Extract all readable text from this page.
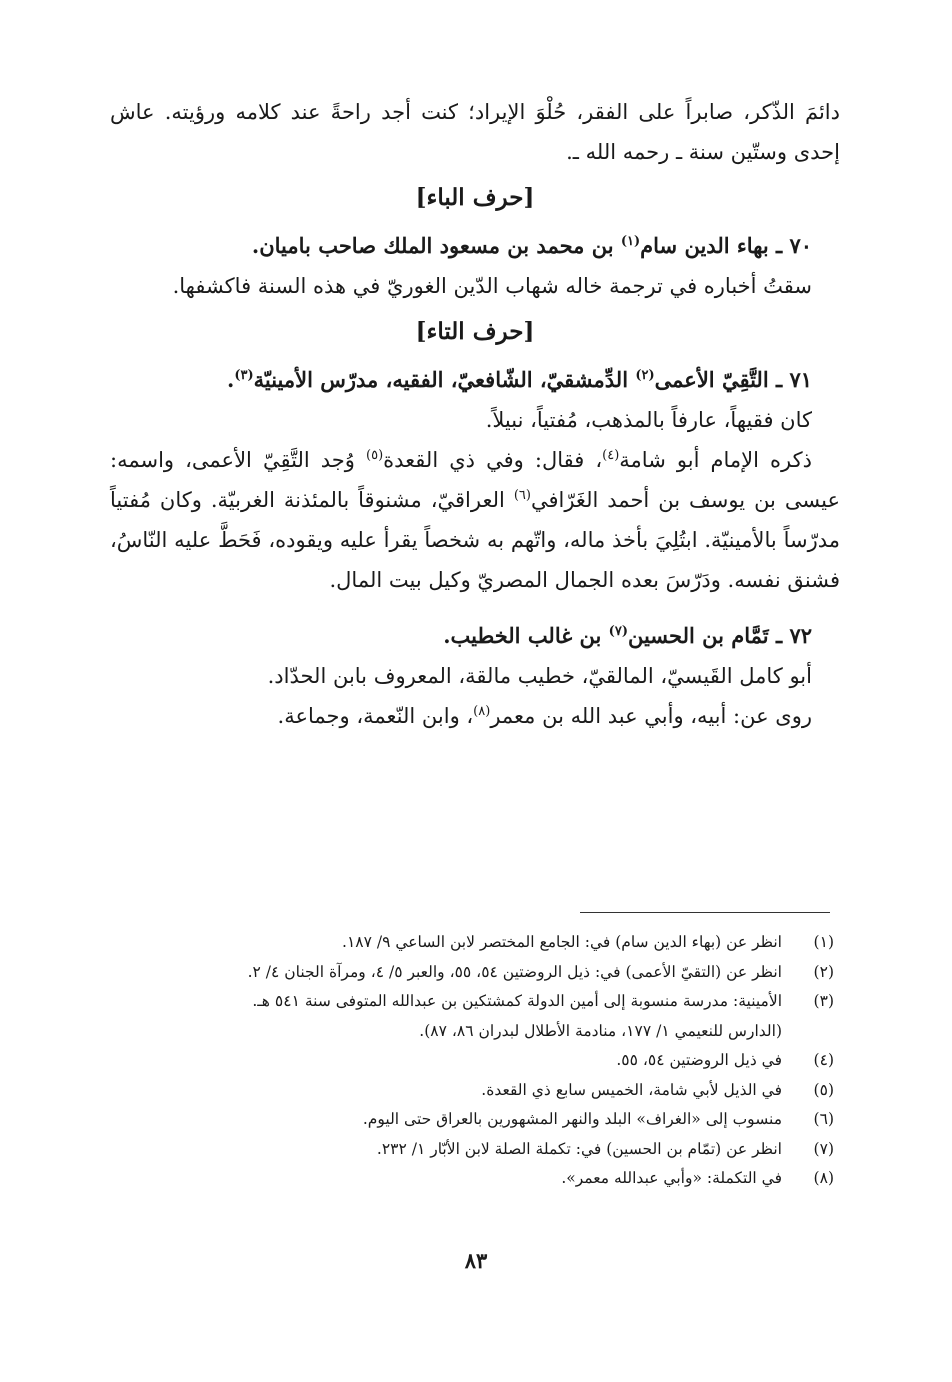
دائمَ الذّكر، صابراً على الفقر، حُلْوَ الإيراد؛ كنت أجد راحةً عند كلامه ورؤيته. عاش إحدى وستّين سنة ـ رحمه الله ـ.

[حرف الباء]

٧٠ ـ بهاء الدين سام$^{(١)}$ بن محمد بن مسعود الملك صاحب باميان.

سقتُ أخباره في ترجمة خاله شهاب الدّين الغوريّ في هذه السنة فاكشفها.

[حرف التاء]

٧١ ـ التَّقِيّ الأعمى$^{(٢)}$ الدِّمشقيّ، الشّافعيّ، الفقيه، مدرّس الأمينيّة$^{(٣)}$.

كان فقيهاً، عارفاً بالمذهب، مُفتياً، نبيلاً.

ذكره الإمام أبو شامة$^{(٤)}$، فقال: وفي ذي القعدة$^{(٥)}$ وُجد التَّقِيّ الأعمى، واسمه: عيسى بن يوسف بن أحمد الغَرّافي$^{(٦)}$ العراقيّ، مشنوقاً بالمئذنة الغربيّة. وكان مُفتياً مدرّساً بالأمينيّة. ابتُلِيَ بأخذ ماله، واتّهم به شخصاً يقرأ عليه ويقوده، فَحَطَّ عليه النّاسُ، فشنق نفسه. ودَرّسَ بعده الجمال المصريّ وكيل بيت المال.

٧٢ ـ تَمَّام بن الحسين$^{(٧)}$ بن غالب الخطيب.

أبو كامل القَيسيّ، المالقيّ، خطيب مالقة، المعروف بابن الحدّاد.

روى عن: أبيه، وأبي عبد الله بن معمر$^{(٨)}$، وابن النّعمة، وجماعة.

(١)
انظر عن (بهاء الدين سام) في: الجامع المختصر لابن الساعي ٩/ ١٨٧.
(٢)
انظر عن (التقيّ الأعمى) في: ذيل الروضتين ٥٤، ٥٥، والعبر ٥/ ٤، ومرآة الجنان ٤/ ٢.
(٣)
الأمينية: مدرسة منسوبة إلى أمين الدولة كمشتكين بن عبدالله المتوفى سنة ٥٤١ هـ.
(الدارس للنعيمي ١/ ١٧٧، منادمة الأطلال لبدران ٨٦، ٨٧).
(٤)
في ذيل الروضتين ٥٤، ٥٥.
(٥)
في الذيل لأبي شامة، الخميس سابع ذي القعدة.
(٦)
منسوب إلى «الغراف» البلد والنهر المشهورين بالعراق حتى اليوم.
(٧)
انظر عن (تمّام بن الحسين) في: تكملة الصلة لابن الأبّار ١/ ٢٣٢.
(٨)
في التكملة: «وأبي عبدالله معمر».
٨٣
